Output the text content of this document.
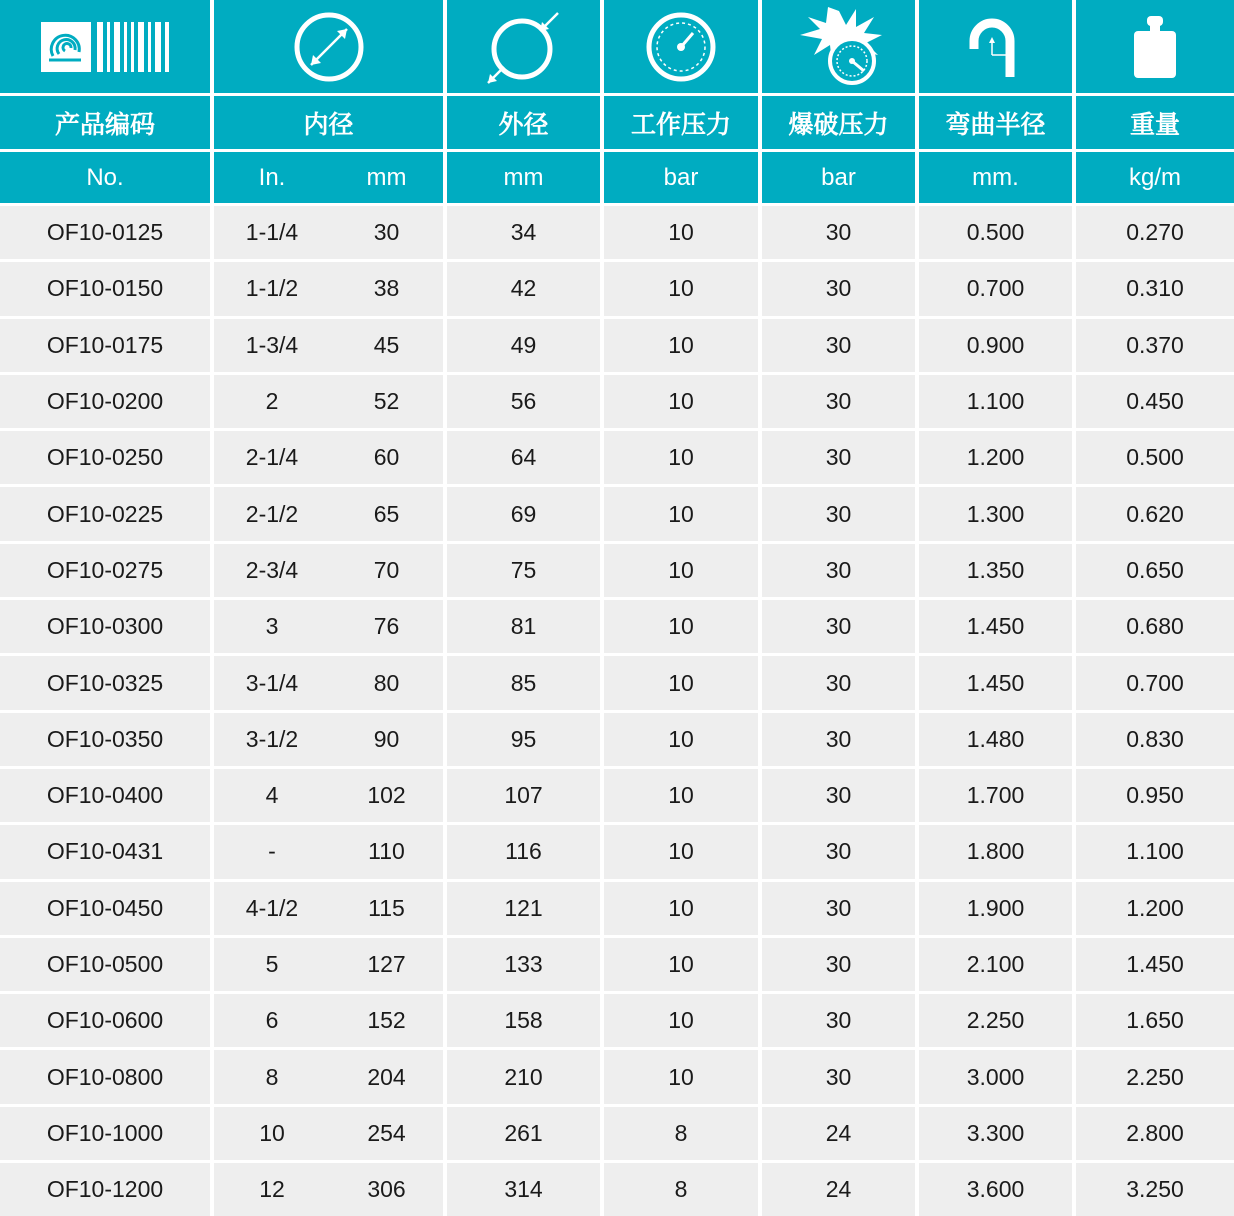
产品编码	内径		外径	工作压力	爆破压力	弯曲半径	重量
No.	In.	mm	mm	bar	bar	mm.	kg/m
OF10-0125	1-1/4	30	34	10	30	0.500	0.270
OF10-0150	1-1/2	38	42	10	30	0.700	0.310
OF10-0175	1-3/4	45	49	10	30	0.900	0.370
OF10-0200	2	52	56	10	30	1.100	0.450
OF10-0250	2-1/4	60	64	10	30	1.200	0.500
OF10-0225	2-1/2	65	69	10	30	1.300	0.620
OF10-0275	2-3/4	70	75	10	30	1.350	0.650
OF10-0300	3	76	81	10	30	1.450	0.680
OF10-0325	3-1/4	80	85	10	30	1.450	0.700
OF10-0350	3-1/2	90	95	10	30	1.480	0.830
OF10-0400	4	102	107	10	30	1.700	0.950
OF10-0431	-	110	116	10	30	1.800	1.100
OF10-0450	4-1/2	115	121	10	30	1.900	1.200
OF10-0500	5	127	133	10	30	2.100	1.450
OF10-0600	6	152	158	10	30	2.250	1.650
OF10-0800	8	204	210	10	30	3.000	2.250
OF10-1000	10	254	261	8	24	3.300	2.800
OF10-1200	12	306	314	8	24	3.600	3.250
